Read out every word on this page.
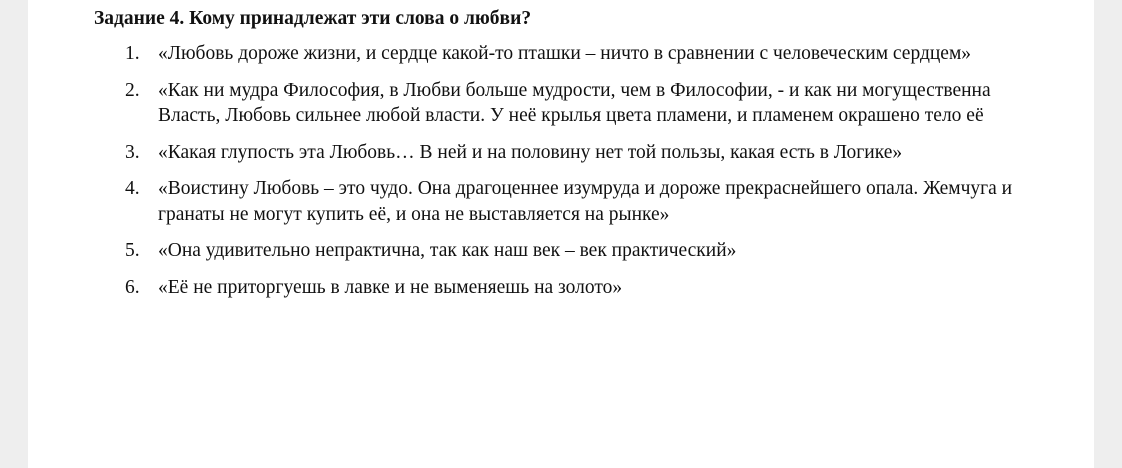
Задание 4. Кому принадлежат эти слова о любви?
1. «Любовь дороже жизни, и сердце какой-то пташки – ничто в сравнении с человеческим сердцем»
2. «Как ни мудра Философия, в Любви больше мудрости, чем в Философии, - и как ни могущественна Власть, Любовь сильнее любой власти. У неё крылья цвета пламени, и пламенем окрашено тело её
3. «Какая глупость эта Любовь… В ней и на половину нет той пользы, какая есть в Логике»
4. «Воистину Любовь – это чудо. Она драгоценнее изумруда и дороже прекраснейшего опала. Жемчуга и гранаты не могут купить её, и она не выставляется на рынке»
5. «Она удивительно непрактична, так как наш век – век практический»
6. «Её не приторгуешь в лавке и не выменяешь на золото»
